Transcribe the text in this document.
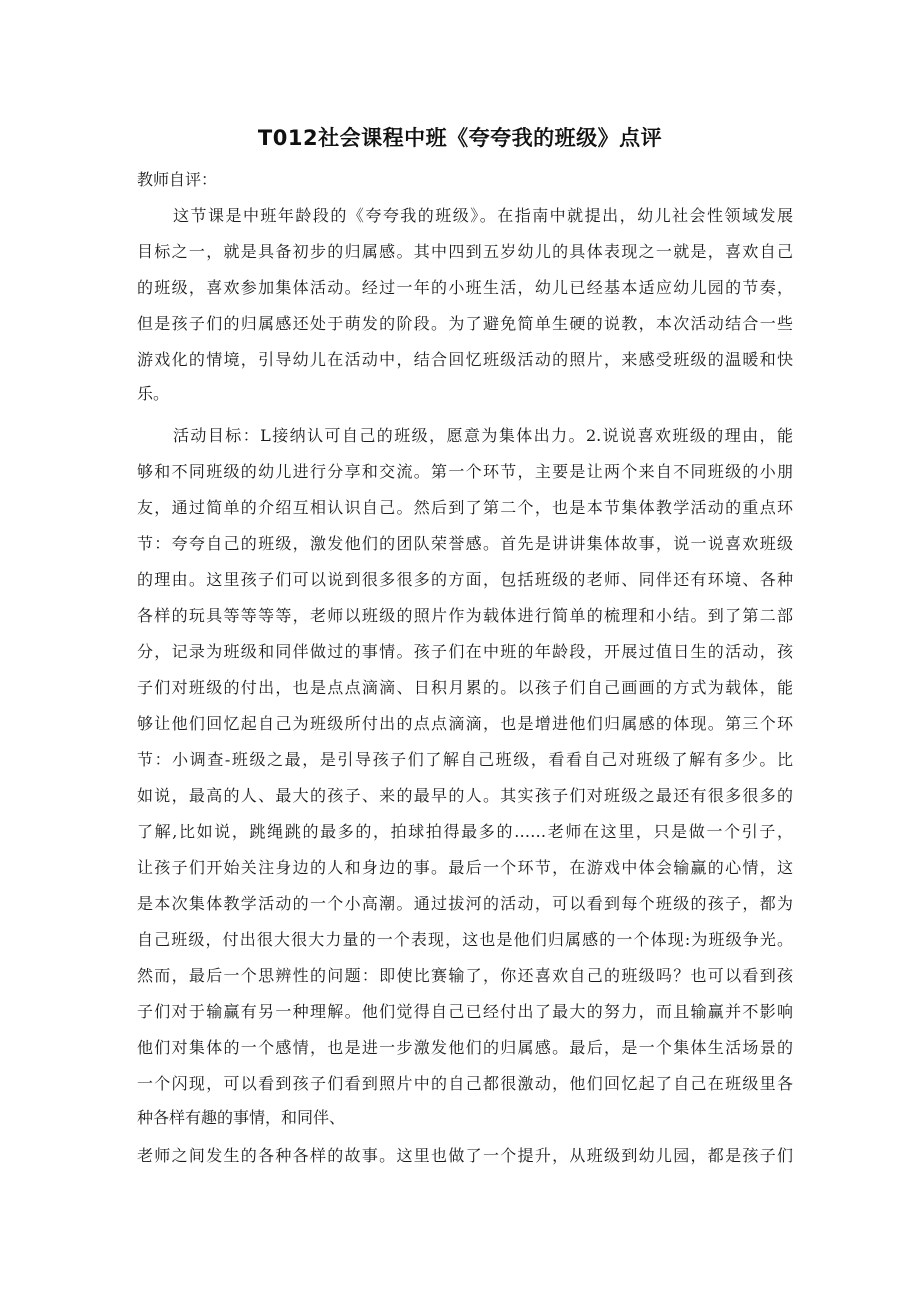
T012社会课程中班《夸夸我的班级》点评
教师自评：
这节课是中班年龄段的《夸夸我的班级》。在指南中就提出，幼儿社会性领域发展
目标之一，就是具备初步的归属感。其中四到五岁幼儿的具体表现之一就是，喜欢自己
的班级，喜欢参加集体活动。经过一年的小班生活，幼儿已经基本适应幼儿园的节奏，
但是孩子们的归属感还处于萌发的阶段。为了避免简单生硬的说教，本次活动结合一些
游戏化的情境，引导幼儿在活动中，结合回忆班级活动的照片，来感受班级的温暖和快
乐。
活动目标：L接纳认可自己的班级，愿意为集体出力。2.说说喜欢班级的理由，能
够和不同班级的幼儿进行分享和交流。第一个环节，主要是让两个来自不同班级的小朋
友，通过简单的介绍互相认识自己。然后到了第二个，也是本节集体教学活动的重点环
节：夸夸自己的班级，激发他们的团队荣誉感。首先是讲讲集体故事，说一说喜欢班级
的理由。这里孩子们可以说到很多很多的方面，包括班级的老师、同伴还有环境、各种
各样的玩具等等等等，老师以班级的照片作为载体进行简单的梳理和小结。到了第二部
分，记录为班级和同伴做过的事情。孩子们在中班的年龄段，开展过值日生的活动，孩
子们对班级的付出，也是点点滴滴、日积月累的。以孩子们自己画画的方式为载体，能
够让他们回忆起自己为班级所付出的点点滴滴，也是增进他们归属感的体现。第三个环
节：小调查-班级之最，是引导孩子们了解自己班级，看看自己对班级了解有多少。比
如说，最高的人、最大的孩子、来的最早的人。其实孩子们对班级之最还有很多很多的
了解,比如说，跳绳跳的最多的，拍球拍得最多的……老师在这里，只是做一个引子，
让孩子们开始关注身边的人和身边的事。最后一个环节，在游戏中体会输赢的心情，这
是本次集体教学活动的一个小高潮。通过拔河的活动，可以看到每个班级的孩子，都为
自己班级，付出很大很大力量的一个表现，这也是他们归属感的一个体现:为班级争光。
然而，最后一个思辨性的问题：即使比赛输了，你还喜欢自己的班级吗？也可以看到孩
子们对于输赢有另一种理解。他们觉得自己已经付出了最大的努力，而且输赢并不影响
他们对集体的一个感情，也是进一步激发他们的归属感。最后，是一个集体生活场景的
一个闪现，可以看到孩子们看到照片中的自己都很激动，他们回忆起了自己在班级里各
种各样有趣的事情，和同伴、
老师之间发生的各种各样的故事。这里也做了一个提升，从班级到幼儿园，都是孩子们
